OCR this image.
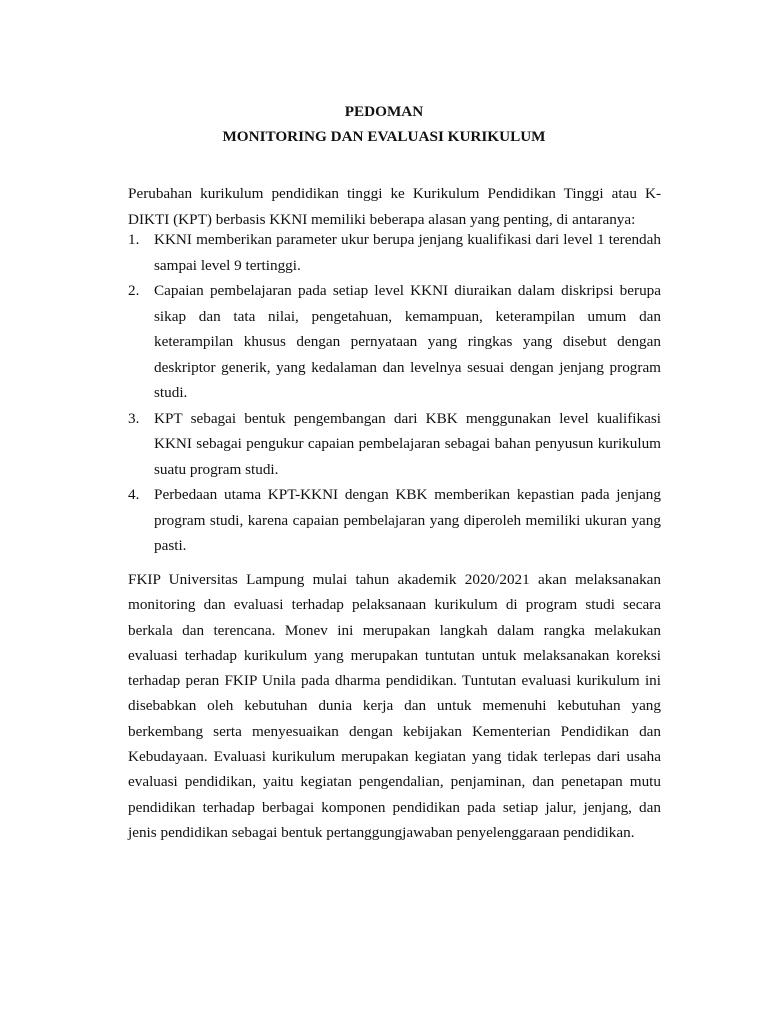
PEDOMAN
MONITORING DAN EVALUASI KURIKULUM
Perubahan kurikulum pendidikan tinggi ke Kurikulum Pendidikan Tinggi atau K-DIKTI (KPT) berbasis KKNI memiliki beberapa alasan yang penting, di antaranya:
1. KKNI memberikan parameter ukur berupa jenjang kualifikasi dari level 1 terendah sampai level 9 tertinggi.
2. Capaian pembelajaran pada setiap level KKNI diuraikan dalam diskripsi berupa sikap dan tata nilai, pengetahuan, kemampuan, keterampilan umum dan keterampilan khusus dengan pernyataan yang ringkas yang disebut dengan deskriptor generik, yang kedalaman dan levelnya sesuai dengan jenjang program studi.
3. KPT sebagai bentuk pengembangan dari KBK menggunakan level kualifikasi KKNI sebagai pengukur capaian pembelajaran sebagai bahan penyusun kurikulum suatu program studi.
4. Perbedaan utama KPT-KKNI dengan KBK memberikan kepastian pada jenjang program studi, karena capaian pembelajaran yang diperoleh memiliki ukuran yang pasti.
FKIP Universitas Lampung mulai tahun akademik 2020/2021 akan melaksanakan monitoring dan evaluasi terhadap pelaksanaan kurikulum di program studi secara berkala dan terencana. Monev ini merupakan langkah dalam rangka melakukan evaluasi terhadap kurikulum yang merupakan tuntutan untuk melaksanakan koreksi terhadap peran FKIP Unila pada dharma pendidikan. Tuntutan evaluasi kurikulum ini disebabkan oleh kebutuhan dunia kerja dan untuk memenuhi kebutuhan yang berkembang serta menyesuaikan dengan kebijakan Kementerian Pendidikan dan Kebudayaan. Evaluasi kurikulum merupakan kegiatan yang tidak terlepas dari usaha evaluasi pendidikan, yaitu kegiatan pengendalian, penjaminan, dan penetapan mutu pendidikan terhadap berbagai komponen pendidikan pada setiap jalur, jenjang, dan jenis pendidikan sebagai bentuk pertanggungjawaban penyelenggaraan pendidikan.
